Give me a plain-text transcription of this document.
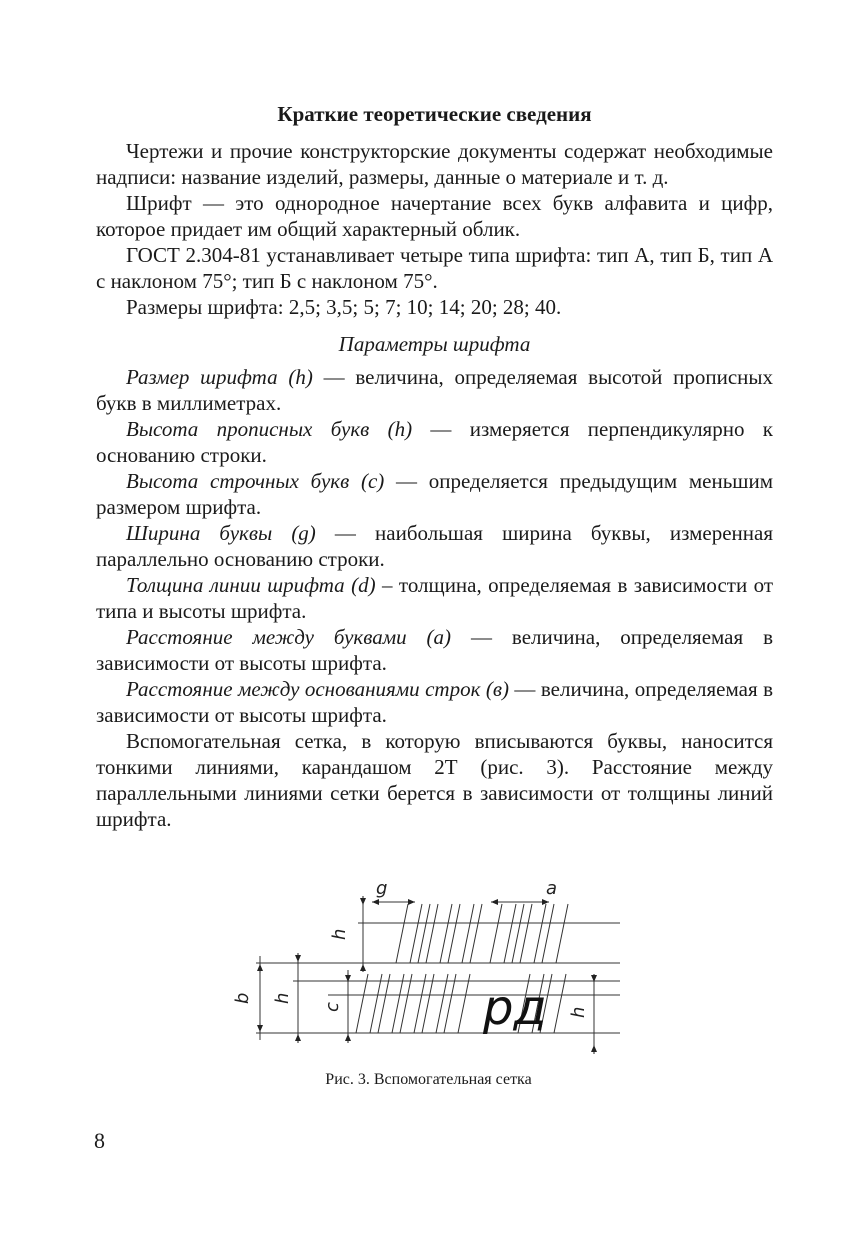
Краткие теоретические сведения

Чертежи и прочие конструкторские документы содержат необходимые надписи: название изделий, размеры, данные о материале и т. д.

Шрифт — это однородное начертание всех букв алфавита и цифр, которое придает им общий характерный облик.

ГОСТ 2.304-81 устанавливает четыре типа шрифта: тип А, тип Б, тип А с наклоном 75°; тип Б с наклоном 75°.

Размеры шрифта: 2,5; 3,5; 5; 7; 10; 14; 20; 28; 40.

Параметры шрифта

Размер шрифта (h) — величина, определяемая высотой прописных букв в миллиметрах.

Высота прописных букв (h) — измеряется перпендикулярно к основанию строки.

Высота строчных букв (c) — определяется предыдущим меньшим размером шрифта.

Ширина буквы (g) — наибольшая ширина буквы, измеренная параллельно основанию строки.

Толщина линии шрифта (d) – толщина, определяемая в зависимости от типа и высоты шрифта.

Расстояние между буквами (a) — величина, определяемая в зависимости от высоты шрифта.

Расстояние между основаниями строк (в) — величина, определяемая в зависимости от высоты шрифта.

Вспомогательная сетка, в которую вписываются буквы, наносится тонкими линиями, карандашом 2Т (рис. 3). Расстояние между параллельными линиями сетки берется в зависимости от толщины линий шрифта.

g	a
h
b h
c	h
рд
Рис. 3. Вспомогательная сетка
8
